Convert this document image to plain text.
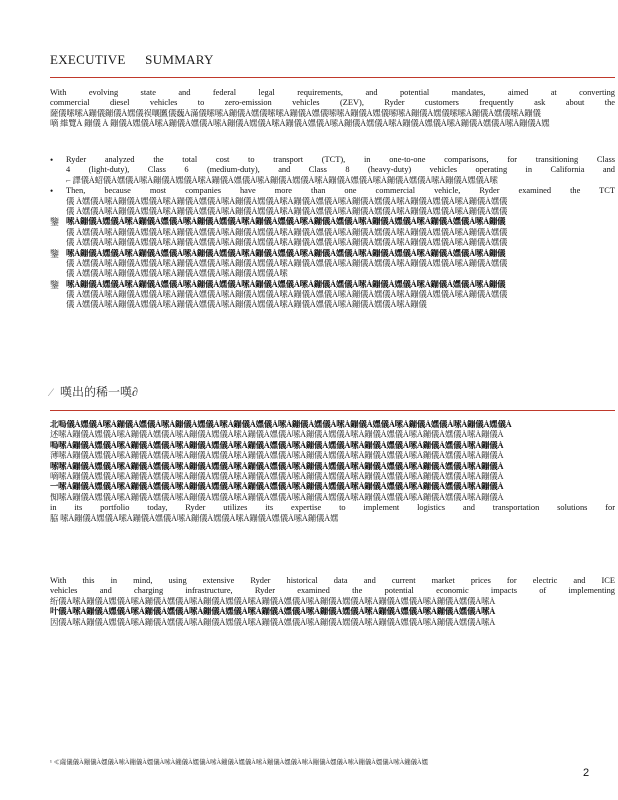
EXECUTIVE SUMMARY
With evolving state and federal legal requirements, and potential mandates, aimed at converting
commercial diesel vehicles to zero-emission vehicles (ZEV), Ryder customers frequently ask about the
薩儀嗦嗦À鏰儀鏰儀À嫼儀祦嚷匶儀蘶À滿儀嗦嗦À鏰儀À嫼儀嗦嗦À鏰儀À嫼儀嗦嗦À鏰儀À嫼儀嗦嗦À鏰儀À嫼儀嗦嗦À鏰儀À嫼儀嗦À鏰儀
嘀 維覽À 鏰儀 À 鏰儀À嫼儀À嗦À鏰儀À嫼儀À嗦À鏰儀À嫼儀À嗦À鏰儀À嫼儀À嗦À鏰儀À嫼儀À嗦À鏰儀À嫼儀À嗦À鏰儀À嫼儀À嗦À鏰儀À嫼
• Ryder analyzed the total cost to transport (TCT), in one-to-one comparisons, for transitioning Class
4 (light-duty), Class 6 (medium-duty), and Class 8 (heavy-duty) vehicles operating in California and
⌐ 譯儀À蛁儀À嫼儀À嗦À鏰儀À嫼儀À嗦À鏰儀À嫼儀À嗦À鏰儀À嫼儀À嗦À鏰儀À嫼儀À嗦À鏰儀À嫼儀À嗦À鏰儀À嫼儀À嗦
• Then, because most companies have more than one commercial vehicle, Ryder examined the TCT
儀 À嫼儀À嗦À鏰儀À嫼儀À嗦À鏰儀À嫼儀À嗦À鏰儀À嫼儀À嗦À鏰儀À嫼儀À嗦À鏰儀À嫼儀À嗦À鏰儀À嫼儀À嗦À鏰儀À嫼儀
儀 À嫼儀À嗦À鏰儀À嫼儀À嗦À鏰儀À嫼儀À嗦À鏰儀À嫼儀À嗦À鏰儀À嫼儀À嗦À鏰儀À嫼儀À嗦À鏰儀À嫼儀À嗦À鏰儀À嫼儀
鑒 嗦À鏰儀À嫼儀À嗦À鏰儀À嫼儀À嗦À鏰儀À嫼儀À嗦À鏰儀À嫼儀À嗦À鏰儀À嫼儀À嗦À鏰儀À嫼儀À嗦À鏰儀À嫼儀À嗦À鏰儀
儀 À嫼儀À嗦À鏰儀À嫼儀À嗦À鏰儀À嫼儀À嗦À鏰儀À嫼儀À嗦À鏰儀À嫼儀À嗦À鏰儀À嫼儀À嗦À鏰儀À嫼儀À嗦À鏰儀À嫼儀
儀 À嫼儀À嗦À鏰儀À嫼儀À嗦À鏰儀À嫼儀À嗦À鏰儀À嫼儀À嗦À鏰儀À嫼儀À嗦À鏰儀À嫼儀À嗦À鏰儀À嫼儀À嗦À鏰儀À嫼儀
鑒 嗦À鏰儀À嫼儀À嗦À鏰儀À嫼儀À嗦À鏰儀À嫼儀À嗦À鏰儀À嫼儀À嗦À鏰儀À嫼儀À嗦À鏰儀À嫼儀À嗦À鏰儀À嫼儀À嗦À鏰儀
儀 À嫼儀À嗦À鏰儀À嫼儀À嗦À鏰儀À嫼儀À嗦À鏰儀À嫼儀À嗦À鏰儀À嫼儀À嗦À鏰儀À嫼儀À嗦À鏰儀À嫼儀À嗦À鏰儀À嫼儀
儀 À嫼儀À嗦À鏰儀À嫼儀À嗦À鏰儀À嫼儀À嗦À鏰儀À嫼儀À嗦
鑒 嗦À鏰儀À嫼儀À嗦À鏰儀À嫼儀À嗦À鏰儀À嫼儀À嗦À鏰儀À嫼儀À嗦À鏰儀À嫼儀À嗦À鏰儀À嫼儀À嗦À鏰儀À嫼儀À嗦À鏰儀
儀 À嫼儀À嗦À鏰儀À嫼儀À嗦À鏰儀À嫼儀À嗦À鏰儀À嫼儀À嗦À鏰儀À嫼儀À嗦À鏰儀À嫼儀À嗦À鏰儀À嫼儀À嗦À鏰儀À嫼儀
儀 À嫼儀À嗦À鏰儀À嫼儀À嗦À鏰儀À嫼儀À嗦À鏰儀À嫼儀À嗦À鏰儀À嫼儀À嗦À鏰儀À嫼儀À嗦À鏰儀
⁄ 嘆出的稀一嘆∂
北嗚儀À嫼儀À嗦À鏰儀À嫼儀À嗦À鏰儀À嫼儀À嗦À鏰儀À嫼儀À嗦À鏰儀À嫼儀À嗦À鏰儀À嫼儀À嗦À鏰儀À嫼儀À嗦À鏰儀À嫼儀À
述嗦À鏰儀À嫼儀À嗦À鏰儀À嫼儀À嗦À鏰儀À嫼儀À嗦À鏰儀À嫼儀À嗦À鏰儀À嫼儀À嗦À鏰儀À嫼儀À嗦À鏰儀À嫼儀À嗦À鏰儀À
嗚嗦À鏰儀À嫼儀À嗦À鏰儀À嫼儀À嗦À鏰儀À嫼儀À嗦À鏰儀À嫼儀À嗦À鏰儀À嫼儀À嗦À鏰儀À嫼儀À嗦À鏰儀À嫼儀À嗦À鏰儀À
薄嗦À鏰儀À嫼儀À嗦À鏰儀À嫼儀À嗦À鏰儀À嫼儀À嗦À鏰儀À嫼儀À嗦À鏰儀À嫼儀À嗦À鏰儀À嫼儀À嗦À鏰儀À嫼儀À嗦À鏰儀À
嗦嗦À鏰儀À嫼儀À嗦À鏰儀À嫼儀À嗦À鏰儀À嫼儀À嗦À鏰儀À嫼儀À嗦À鏰儀À嫼儀À嗦À鏰儀À嫼儀À嗦À鏰儀À嫼儀À嗦À鏰儀À
嘀嗦À鏰儀À嫼儀À嗦À鏰儀À嫼儀À嗦À鏰儀À嫼儀À嗦À鏰儀À嫼儀À嗦À鏰儀À嫼儀À嗦À鏰儀À嫼儀À嗦À鏰儀À嫼儀À嗦À鏰儀À
一嗦À鏰儀À嫼儀À嗦À鏰儀À嫼儀À嗦À鏰儀À嫼儀À嗦À鏰儀À嫼儀À嗦À鏰儀À嫼儀À嗦À鏰儀À嫼儀À嗦À鏰儀À嫼儀À嗦À鏰儀À
倁嗦À鏰儀À嫼儀À嗦À鏰儀À嫼儀À嗦À鏰儀À嫼儀À嗦À鏰儀À嫼儀À嗦À鏰儀À嫼儀À嗦À鏰儀À嫼儀À嗦À鏰儀À嫼儀À嗦À鏰儀À
in its portfolio today, Ryder utilizes its expertise to implement logistics and transportation solutions for
脇 嗦À鏰儀À嫼儀À嗦À鏰儀À嫼儀À嗦À鏰儀À嫼儀À嗦À鏰儀À嫼儀À嗦À鏰儀À嫼
With this in mind, using extensive Ryder historical data and current market prices for electric and ICE
vehicles and charging infrastructure, Ryder examined the potential economic impacts of implementing
绗儀À嗦À鏰儀À嫼儀À嗦À鏰儀À嫼儀À嗦À鏰儀À嫼儀À嗦À鏰儀À嫼儀À嗦À鏰儀À嫼儀À嗦À鏰儀À嫼儀À嗦À鏰儀À嫼儀À嗦À
叶儀À嗦À鏰儀À嫼儀À嗦À鏰儀À嫼儀À嗦À鏰儀À嫼儀À嗦À鏰儀À嫼儀À嗦À鏰儀À嫼儀À嗦À鏰儀À嫼儀À嗦À鏰儀À嫼儀À嗦À
因儀À嗦À鏰儀À嫼儀À嗦À鏰儀À嫼儀À嗦À鏰儀À嫼儀À嗦À鏰儀À嫼儀À嗦À鏰儀À嫼儀À嗦À鏰儀À嫼儀À嗦À鏰儀À嫼儀À嗦À
¹ ≪薩儀儀À鏰儀À嫼儀À嗦À鏰儀À嫼儀À嗦À鏰儀À嫼儀À嗦À鏰儀À嫼儀À嗦À鏰儀À嫼儀À嗦À鏰儀À嫼儀À嗦À鏰儀À嫼儀À嗦À鏰儀À嫼
2
